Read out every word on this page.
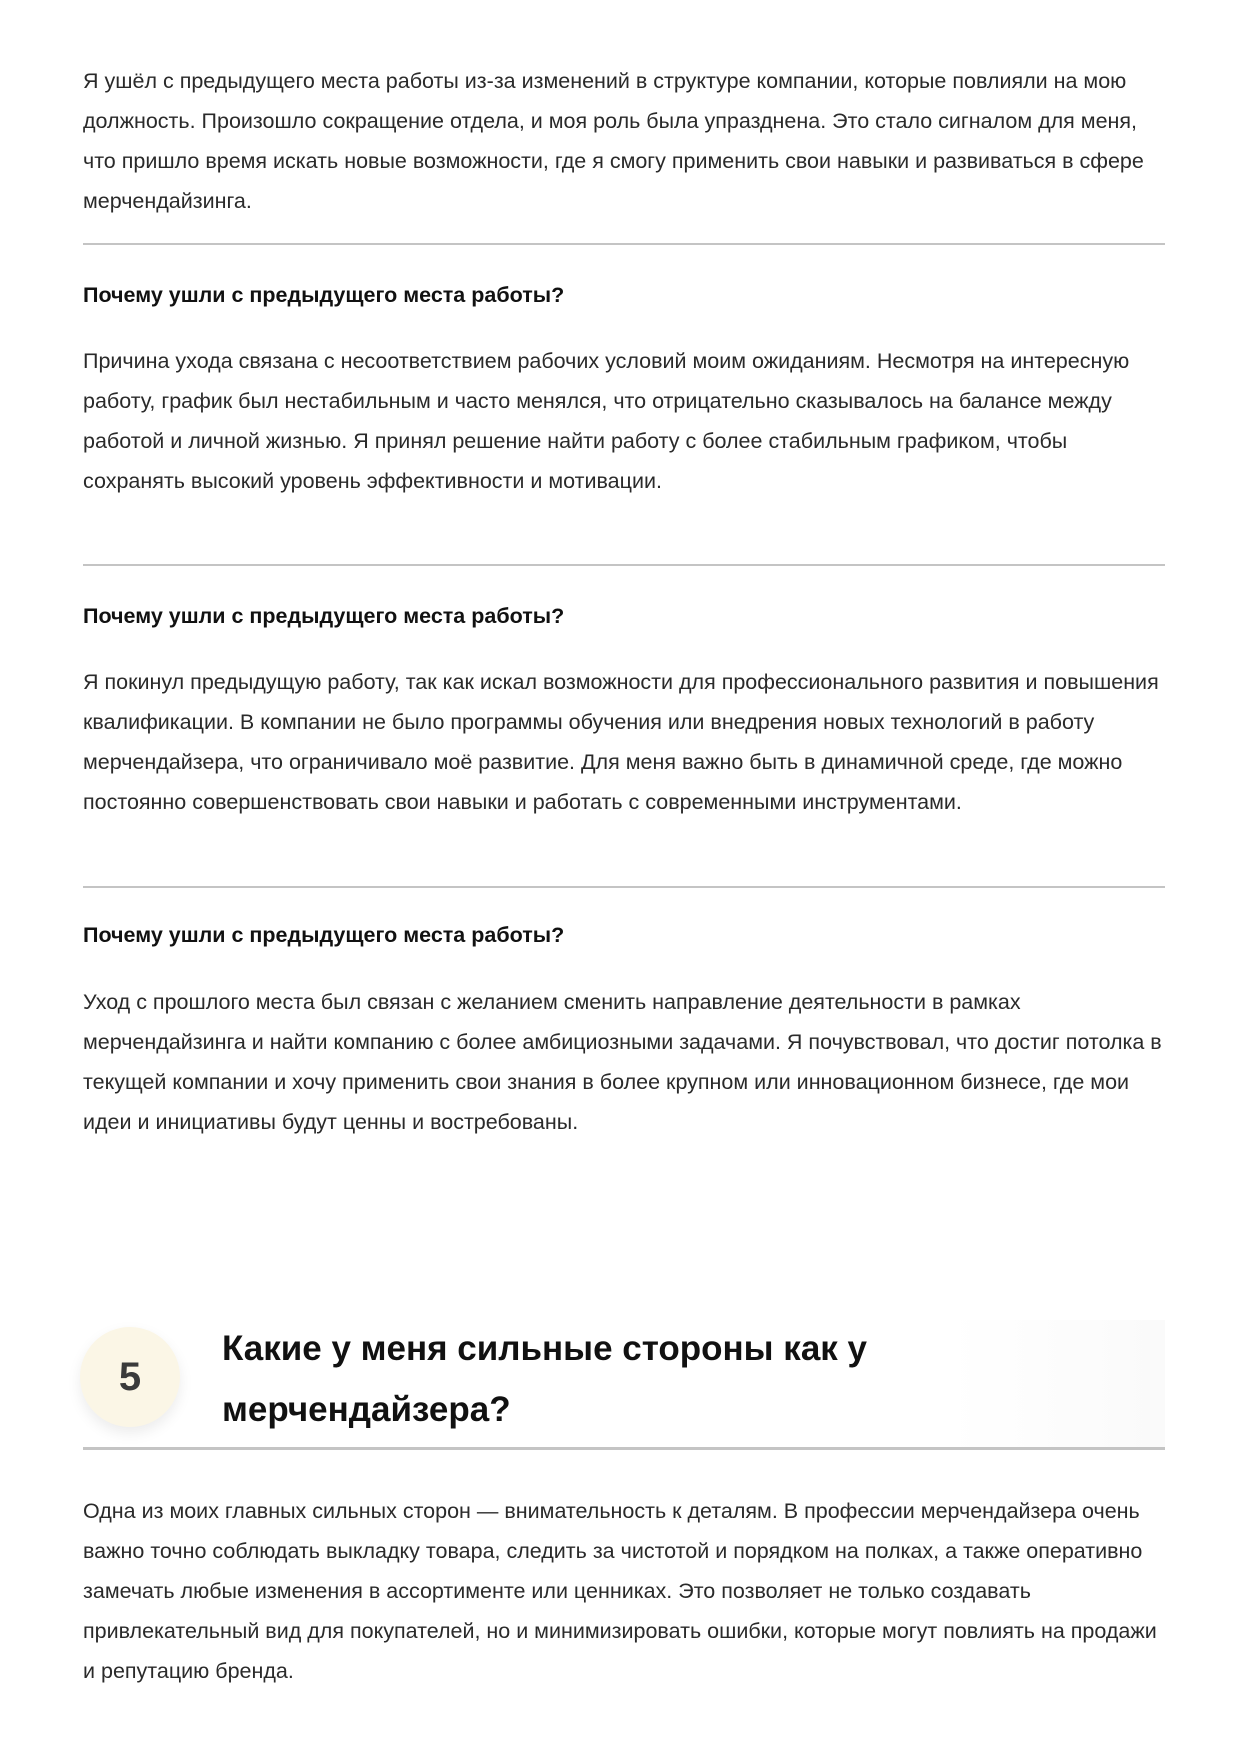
Я ушёл с предыдущего места работы из-за изменений в структуре компании, которые повлияли на мою должность. Произошло сокращение отдела, и моя роль была упразднена. Это стало сигналом для меня, что пришло время искать новые возможности, где я смогу применить свои навыки и развиваться в сфере мерчендайзинга.

Почему ушли с предыдущего места работы?

Причина ухода связана с несоответствием рабочих условий моим ожиданиям. Несмотря на интересную работу, график был нестабильным и часто менялся, что отрицательно сказывалось на балансе между работой и личной жизнью. Я принял решение найти работу с более стабильным графиком, чтобы сохранять высокий уровень эффективности и мотивации.

Почему ушли с предыдущего места работы?

Я покинул предыдущую работу, так как искал возможности для профессионального развития и повышения квалификации. В компании не было программы обучения или внедрения новых технологий в работу мерчендайзера, что ограничивало моё развитие. Для меня важно быть в динамичной среде, где можно постоянно совершенствовать свои навыки и работать с современными инструментами.

Почему ушли с предыдущего места работы?

Уход с прошлого места был связан с желанием сменить направление деятельности в рамках мерчендайзинга и найти компанию с более амбициозными задачами. Я почувствовал, что достиг потолка в текущей компании и хочу применить свои знания в более крупном или инновационном бизнесе, где мои идеи и инициативы будут ценны и востребованы.

5
Какие у меня сильные стороны как у мерчендайзера?

Одна из моих главных сильных сторон — внимательность к деталям. В профессии мерчендайзера очень важно точно соблюдать выкладку товара, следить за чистотой и порядком на полках, а также оперативно замечать любые изменения в ассортименте или ценниках. Это позволяет не только создавать привлекательный вид для покупателей, но и минимизировать ошибки, которые могут повлиять на продажи и репутацию бренда.
